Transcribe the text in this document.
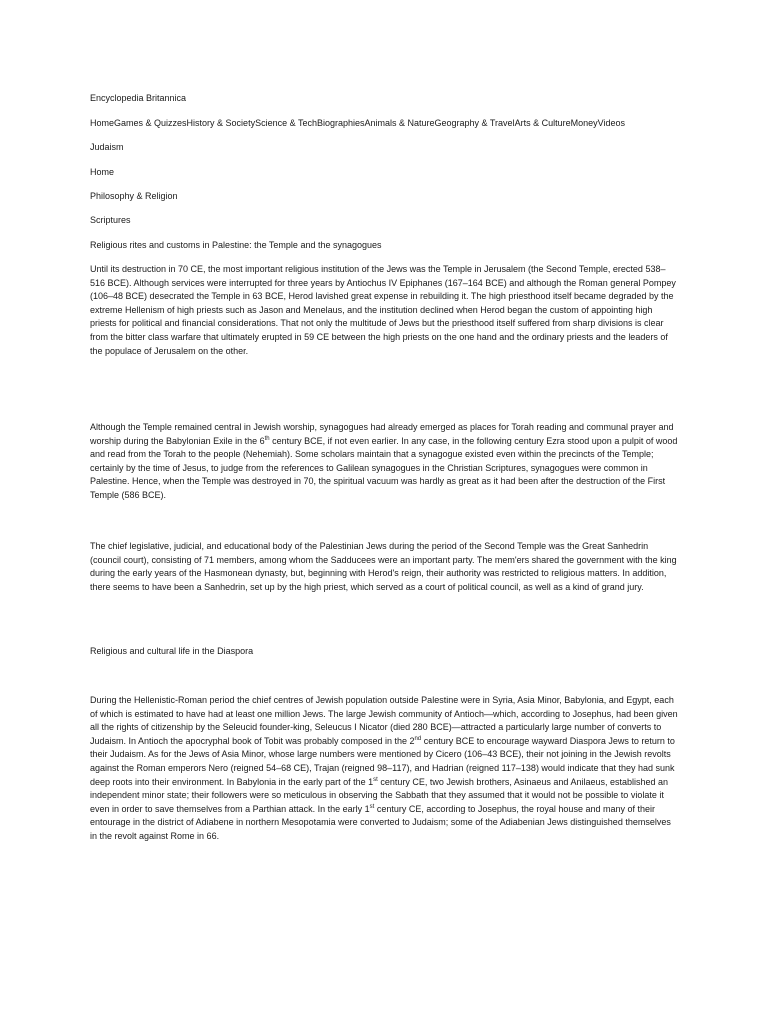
Encyclopedia Britannica

HomeGames & QuizzesHistory & SocietyScience & TechBiographiesAnimals & NatureGeography & TravelArts & CultureMoneyVideos

Judaism

Home

Philosophy & Religion

Scriptures

Religious rites and customs in Palestine: the Temple and the synagogues

Until its destruction in 70 CE, the most important religious institution of the Jews was the Temple in Jerusalem (the Second Temple, erected 538–516 BCE). Although services were interrupted for three years by Antiochus IV Epiphanes (167–164 BCE) and although the Roman general Pompey (106–48 BCE) desecrated the Temple in 63 BCE, Herod lavished great expense in rebuilding it. The high priesthood itself became degraded by the extreme Hellenism of high priests such as Jason and Menelaus, and the institution declined when Herod began the custom of appointing high priests for political and financial considerations. That not only the multitude of Jews but the priesthood itself suffered from sharp divisions is clear from the bitter class warfare that ultimately erupted in 59 CE between the high priests on the one hand and the ordinary priests and the leaders of the populace of Jerusalem on the other.

Although the Temple remained central in Jewish worship, synagogues had already emerged as places for Torah reading and communal prayer and worship during the Babylonian Exile in the 6th century BCE, if not even earlier. In any case, in the following century Ezra stood upon a pulpit of wood and read from the Torah to the people (Nehemiah). Some scholars maintain that a synagogue existed even within the precincts of the Temple; certainly by the time of Jesus, to judge from the references to Galilean synagogues in the Christian Scriptures, synagogues were common in Palestine. Hence, when the Temple was destroyed in 70, the spiritual vacuum was hardly as great as it had been after the destruction of the First Temple (586 BCE).

The chief legislative, judicial, and educational body of the Palestinian Jews during the period of the Second Temple was the Great Sanhedrin (council court), consisting of 71 members, among whom the Sadducees were an important party. The mem'ers shared the government with the king during the early years of the Hasmonean dynasty, but, beginning with Herod's reign, their authority was restricted to religious matters. In addition, there seems to have been a Sanhedrin, set up by the high priest, which served as a court of political council, as well as a kind of grand jury.

Religious and cultural life in the Diaspora

During the Hellenistic-Roman period the chief centres of Jewish population outside Palestine were in Syria, Asia Minor, Babylonia, and Egypt, each of which is estimated to have had at least one million Jews. The large Jewish community of Antioch—which, according to Josephus, had been given all the rights of citizenship by the Seleucid founder-king, Seleucus I Nicator (died 280 BCE)—attracted a particularly large number of converts to Judaism. In Antioch the apocryphal book of Tobit was probably composed in the 2nd century BCE to encourage wayward Diaspora Jews to return to their Judaism. As for the Jews of Asia Minor, whose large numbers were mentioned by Cicero (106–43 BCE), their not joining in the Jewish revolts against the Roman emperors Nero (reigned 54–68 CE), Trajan (reigned 98–117), and Hadrian (reigned 117–138) would indicate that they had sunk deep roots into their environment. In Babylonia in the early part of the 1st century CE, two Jewish brothers, Asinaeus and Anilaeus, established an independent minor state; their followers were so meticulous in observing the Sabbath that they assumed that it would not be possible to violate it even in order to save themselves from a Parthian attack. In the early 1st century CE, according to Josephus, the royal house and many of their entourage in the district of Adiabene in northern Mesopotamia were converted to Judaism; some of the Adiabenian Jews distinguished themselves in the revolt against Rome in 66.
